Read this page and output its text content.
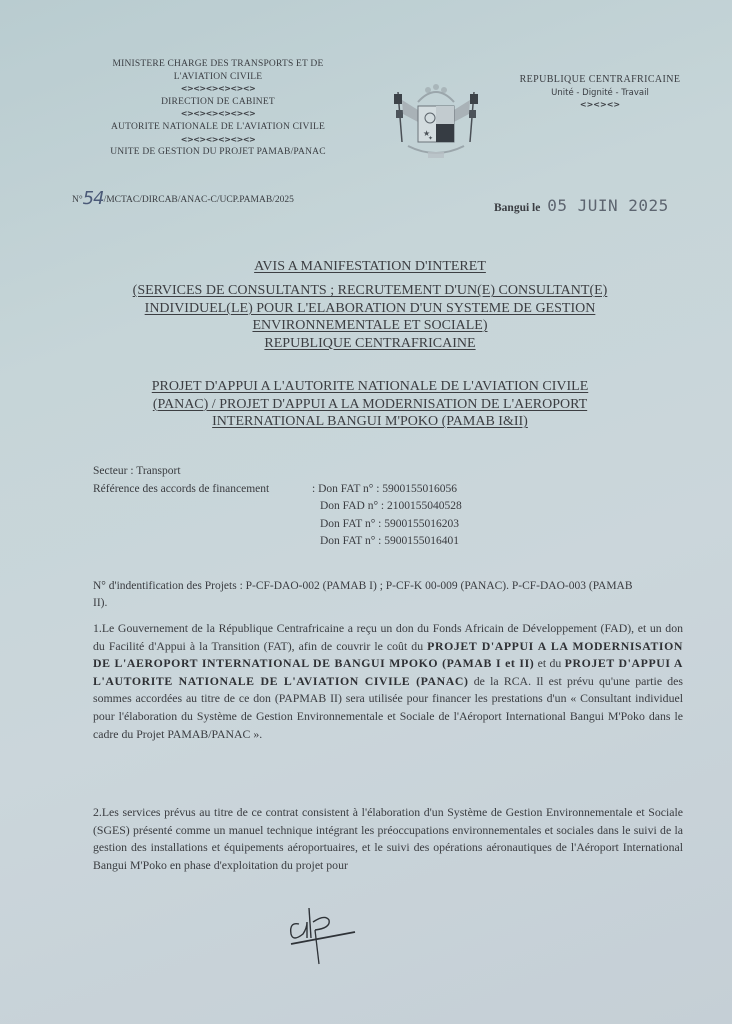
MINISTERE CHARGE DES TRANSPORTS ET DE
L'AVIATION CIVILE
<><><><><><>
DIRECTION DE CABINET
<><><><><><>
AUTORITE NATIONALE DE L'AVIATION CIVILE
<><><><><><>
UNITE DE GESTION DU PROJET PAMAB/PANAC
N°54/MCTAC/DIRCAB/ANAC-C/UCP.PAMAB/2025
★
✦
REPUBLIQUE CENTRAFRICAINE
Unité - Dignité - Travail
<><><>
Bangui le 05 JUIN 2025
AVIS A MANIFESTATION D'INTERET
(SERVICES DE CONSULTANTS ; RECRUTEMENT D'UN(E) CONSULTANT(E)
INDIVIDUEL(LE) POUR L'ELABORATION D'UN SYSTEME DE GESTION
ENVIRONNEMENTALE ET SOCIALE)
REPUBLIQUE CENTRAFRICAINE
PROJET D'APPUI A L'AUTORITE NATIONALE DE L'AVIATION CIVILE
(PANAC) / PROJET D'APPUI A LA MODERNISATION DE L'AEROPORT
INTERNATIONAL BANGUI M'POKO (PAMAB I&II)
Secteur : Transport
Référence des accords de financement	: Don FAT n° : 5900155016056
Don FAD n° : 2100155040528
Don FAT n° : 5900155016203
Don FAT n° : 5900155016401
N° d'indentification des Projets : P-CF-DAO-002 (PAMAB I) ; P-CF-K 00-009 (PANAC). P-CF-DAO-003 (PAMAB II).
1.Le Gouvernement de la République Centrafricaine a reçu un don du Fonds Africain de Développement (FAD), et un don du Facilité d'Appui à la Transition (FAT), afin de couvrir le coût du PROJET D'APPUI A LA MODERNISATION DE L'AEROPORT INTERNATIONAL DE BANGUI MPOKO (PAMAB I et II) et du PROJET D'APPUI A L'AUTORITE NATIONALE DE L'AVIATION CIVILE (PANAC) de la RCA. Il est prévu qu'une partie des sommes accordées au titre de ce don (PAPMAB II) sera utilisée pour financer les prestations d'un « Consultant individuel pour l'élaboration du Système de Gestion Environnementale et Sociale de l'Aéroport International Bangui M'Poko dans le cadre du Projet PAMAB/PANAC ».
2.Les services prévus au titre de ce contrat consistent à l'élaboration d'un Système de Gestion Environnementale et Sociale (SGES) présenté comme un manuel technique intégrant les préoccupations environnementales et sociales dans le suivi de la gestion des installations et équipements aéroportuaires, et le suivi des opérations aéronautiques de l'Aéroport International Bangui M'Poko en phase d'exploitation du projet pour
